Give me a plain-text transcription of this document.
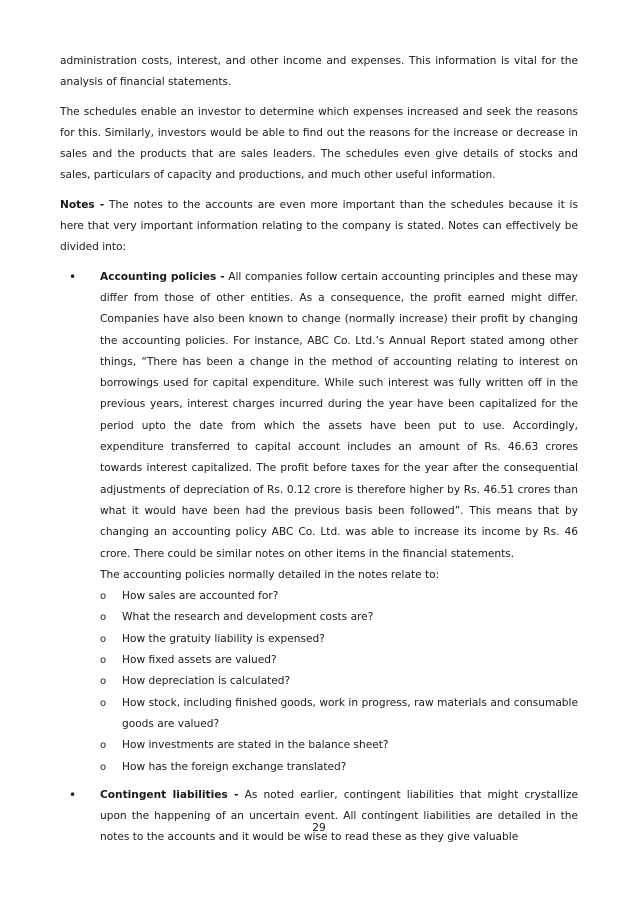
administration costs, interest, and other income and expenses. This information is vital for the analysis of financial statements.

The schedules enable an investor to determine which expenses increased and seek the reasons for this. Similarly, investors would be able to find out the reasons for the increase or decrease in sales and the products that are sales leaders. The schedules even give details of stocks and sales, particulars of capacity and productions, and much other useful information.

Notes - The notes to the accounts are even more important than the schedules because it is here that very important information relating to the company is stated. Notes can effectively be divided into:

• Accounting policies - All companies follow certain accounting principles and these may differ from those of other entities. As a consequence, the profit earned might differ. Companies have also been known to change (normally increase) their profit by changing the accounting policies. For instance, ABC Co. Ltd.’s Annual Report stated among other things, “There has been a change in the method of accounting relating to interest on borrowings used for capital expenditure. While such interest was fully written off in the previous years, interest charges incurred during the year have been capitalized for the period upto the date from which the assets have been put to use. Accordingly, expenditure transferred to capital account includes an amount of Rs. 46.63 crores towards interest capitalized. The profit before taxes for the year after the consequential adjustments of depreciation of Rs. 0.12 crore is therefore higher by Rs. 46.51 crores than what it would have been had the previous basis been followed”. This means that by changing an accounting policy ABC Co. Ltd. was able to increase its income by Rs. 46 crore. There could be similar notes on other items in the financial statements.
The accounting policies normally detailed in the notes relate to:
o How sales are accounted for?
o What the research and development costs are?
o How the gratuity liability is expensed?
o How fixed assets are valued?
o How depreciation is calculated?
o How stock, including finished goods, work in progress, raw materials and consumable goods are valued?
o How investments are stated in the balance sheet?
o How has the foreign exchange translated?
• Contingent liabilities - As noted earlier, contingent liabilities that might crystallize upon the happening of an uncertain event. All contingent liabilities are detailed in the notes to the accounts and it would be wise to read these as they give valuable
29
